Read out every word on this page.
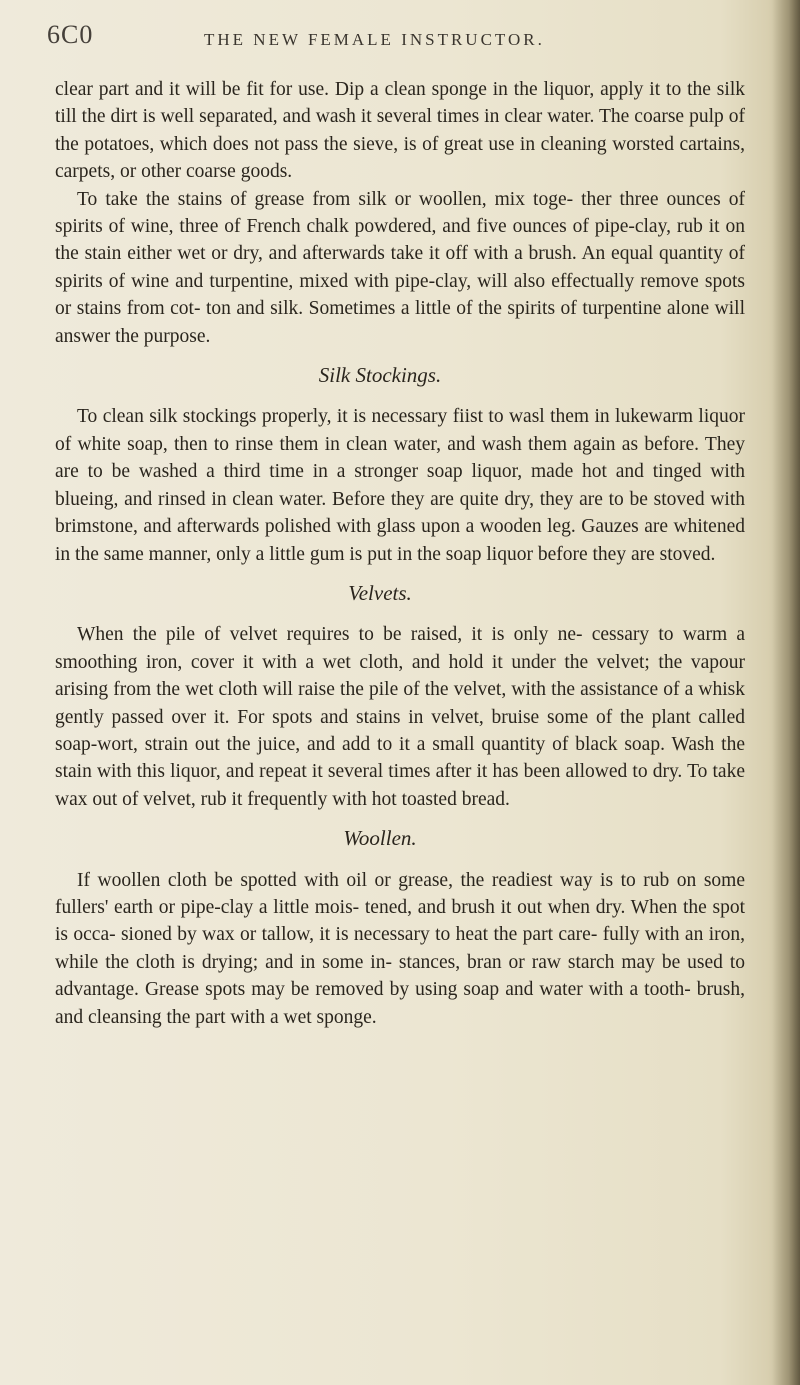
6C0	THE NEW FEMALE INSTRUCTOR.

clear part and it will be fit for use. Dip a clean sponge in the liquor, apply it to the silk till the dirt is well separated, and wash it several times in clear water. The coarse pulp of the potatoes, which does not pass the sieve, is of great use in cleaning worsted cartains, carpets, or other coarse goods.

To take the stains of grease from silk or woollen, mix toge- ther three ounces of spirits of wine, three of French chalk powdered, and five ounces of pipe-clay, rub it on the stain either wet or dry, and afterwards take it off with a brush. An equal quantity of spirits of wine and turpentine, mixed with pipe-clay, will also effectually remove spots or stains from cot- ton and silk. Sometimes a little of the spirits of turpentine alone will answer the purpose.

Silk Stockings.

To clean silk stockings properly, it is necessary fiist to wasl them in lukewarm liquor of white soap, then to rinse them in clean water, and wash them again as before. They are to be washed a third time in a stronger soap liquor, made hot and tinged with blueing, and rinsed in clean water. Before they are quite dry, they are to be stoved with brimstone, and afterwards polished with glass upon a wooden leg. Gauzes are whitened in the same manner, only a little gum is put in the soap liquor before they are stoved.

Velvets.

When the pile of velvet requires to be raised, it is only ne- cessary to warm a smoothing iron, cover it with a wet cloth, and hold it under the velvet; the vapour arising from the wet cloth will raise the pile of the velvet, with the assistance of a whisk gently passed over it. For spots and stains in velvet, bruise some of the plant called soap-wort, strain out the juice, and add to it a small quantity of black soap. Wash the stain with this liquor, and repeat it several times after it has been allowed to dry. To take wax out of velvet, rub it frequently with hot toasted bread.

Woollen.

If woollen cloth be spotted with oil or grease, the readiest way is to rub on some fullers' earth or pipe-clay a little mois- tened, and brush it out when dry. When the spot is occa- sioned by wax or tallow, it is necessary to heat the part care- fully with an iron, while the cloth is drying; and in some in- stances, bran or raw starch may be used to advantage. Grease spots may be removed by using soap and water with a tooth- brush, and cleansing the part with a wet sponge.
